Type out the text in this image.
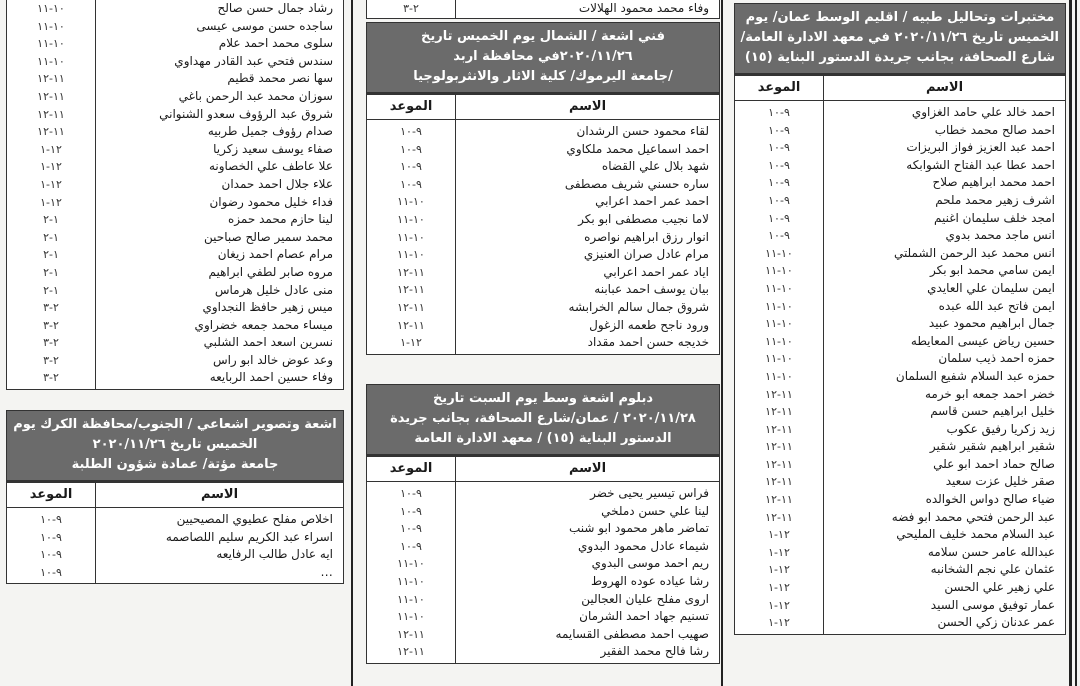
مختبرات وتحاليل طبيه / اقليم الوسط عمان/ يوم
الخميس تاريخ ٢٠٢٠/١١/٢٦ في معهد الادارة العامة/
شارع الصحافة، بجانب جريدة الدستور البناية (١٥)
الاسم
الموعد
احمد خالد علي حامد الغزاوي
احمد صالح محمد خطاب
احمد عبد العزيز فواز البريزات
احمد عطا عبد الفتاح الشوابكه
احمد محمد ابراهيم صلاح
اشرف زهير محمد ملحم
امجد خلف سليمان اغنيم
انس ماجد محمد بدوي
انس محمد عبد الرحمن الشملتي
ايمن سامي محمد ابو بكر
ايمن سليمان علي العايدي
ايمن فاتح عبد الله عبده
جمال ابراهيم محمود عبيد
حسين رياض عيسى المعايطه
حمزه احمد ذيب سلمان
حمزه عبد السلام شفيع السلمان
خضر احمد جمعه ابو خرمه
خليل ابراهيم حسن قاسم
زيد زكريا رفيق عكوب
شقير ابراهيم شقير شقير
صالح حماد احمد ابو علي
صقر خليل عزت سعيد
ضياء صالح دواس الخوالده
عبد الرحمن فتحي محمد ابو فضه
عبد السلام محمد خليف المليحي
عبدالله عامر حسن سلامه
عثمان علي نجم الشخانبه
علي زهير علي الحسن
عمار توفيق موسى السيد
عمر عدنان زكي الحسن
٩-١٠
٩-١٠
٩-١٠
٩-١٠
٩-١٠
٩-١٠
٩-١٠
٩-١٠
١٠-١١
١٠-١١
١٠-١١
١٠-١١
١٠-١١
١٠-١١
١٠-١١
١٠-١١
١١-١٢
١١-١٢
١١-١٢
١١-١٢
١١-١٢
١١-١٢
١١-١٢
١١-١٢
١٢-١
١٢-١
١٢-١
١٢-١
١٢-١
١٢-١
وفاء محمد محمود الهلالات
٢-٣
فني اشعة / الشمال يوم الخميس تاريخ
٢٠٢٠/١١/٢٦في محافظة اربد
/جامعة اليرموك/ كلية الاثار والانثربولوجيا
الاسم
الموعد
لقاء محمود حسن الرشدان
احمد اسماعيل محمد ملكاوي
شهد بلال علي القضاه
ساره حسني شريف مصطفى
احمد عمر احمد اعرابي
لاما نجيب مصطفى ابو بكر
انوار رزق ابراهيم نواصره
مرام عادل صران العنيزي
اياد عمر احمد اعرابي
بيان يوسف احمد عبابنه
شروق جمال سالم الخرابشه
ورود ناجح طعمه الزغول
خديجه حسن احمد مقداد
٩-١٠
٩-١٠
٩-١٠
٩-١٠
١٠-١١
١٠-١١
١٠-١١
١٠-١١
١١-١٢
١١-١٢
١١-١٢
١١-١٢
١٢-١
دبلوم اشعة وسط يوم السبت تاريخ
٢٠٢٠/١١/٢٨ / عمان/شارع الصحافة، بجانب جريدة
الدستور البناية (١٥) / معهد الادارة العامة
الاسم
الموعد
فراس تيسير يحيى خضر
لينا علي حسن دملخي
تماضر ماهر محمود ابو شنب
شيماء عادل محمود البدوي
ريم احمد موسى البدوي
رشا عياده عوده الهروط
اروى مفلح عليان العجالين
تسنيم جهاد احمد الشرمان
صهيب احمد مصطفى القسايمه
رشا فالح محمد الفقير
٩-١٠
٩-١٠
٩-١٠
٩-١٠
١٠-١١
١٠-١١
١٠-١١
١٠-١١
١١-١٢
١١-١٢
رشاد جمال حسن صالح
ساجده حسن موسى عيسى
سلوى محمد احمد علام
سندس فتحي عبد القادر مهداوي
سها نصر محمد قطيم
سوزان محمد عبد الرحمن باغي
شروق عبد الرؤوف سعدو الشنواني
صدام رؤوف جميل طربيه
صفاء يوسف سعيد زكريا
علا عاطف علي الخصاونه
علاء جلال احمد حمدان
فداء خليل محمود رضوان
لينا حازم محمد حمزه
محمد سمير صالح صباحين
مرام عصام احمد زيغان
مروه صابر لطفي ابراهيم
منى عادل خليل هرماس
ميس زهير حافظ النجداوي
ميساء محمد جمعه خضراوي
نسرين اسعد احمد الشلبي
وعد عوض خالد ابو راس
وفاء حسين احمد الربايعه
١٠-١١
١٠-١١
١٠-١١
١٠-١١
١١-١٢
١١-١٢
١١-١٢
١١-١٢
١٢-١
١٢-١
١٢-١
١٢-١
١-٢
١-٢
١-٢
١-٢
١-٢
٢-٣
٢-٣
٢-٣
٢-٣
٢-٣
اشعة وتصوير اشعاعي / الجنوب/محافظة الكرك يوم
الخميس تاريخ ٢٠٢٠/١١/٢٦
جامعة مؤتة/ عمادة شؤون الطلبة
الاسم
الموعد
اخلاص مفلح عطيوي المصيحيين
اسراء عبد الكريم سليم اللصاصمه
ايه عادل طالب الرفايعه
...
٩-١٠
٩-١٠
٩-١٠
٩-١٠
